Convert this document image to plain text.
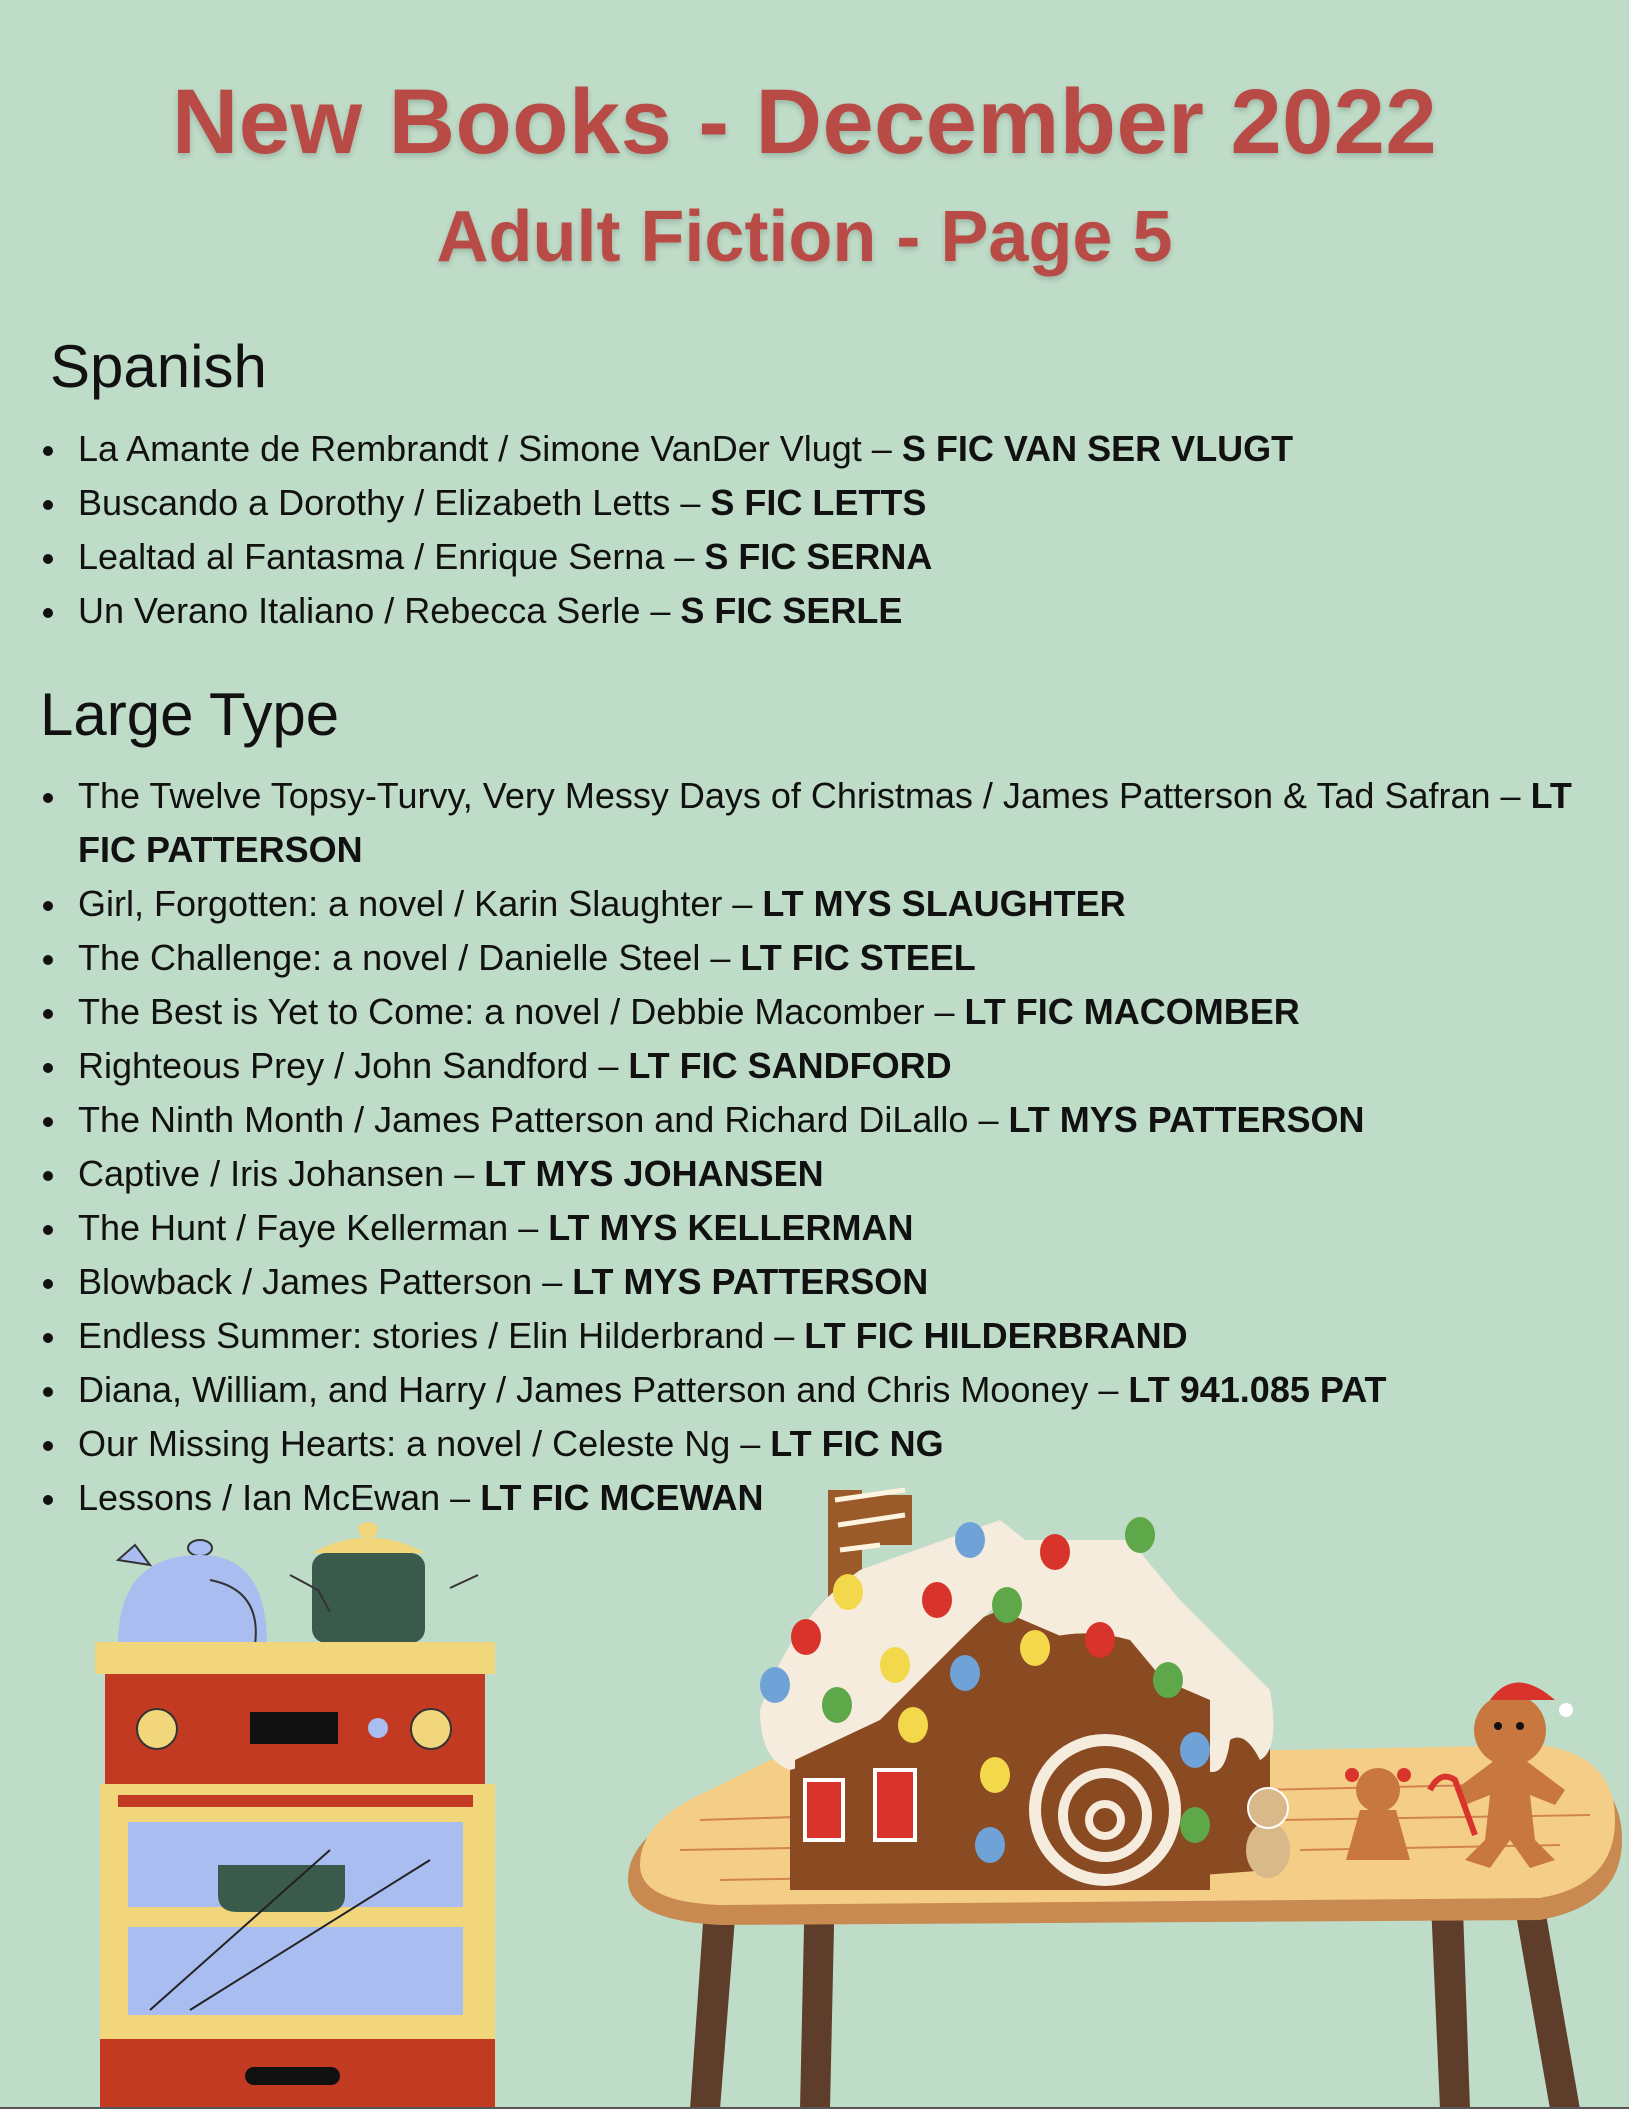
New Books - December 2022
Adult Fiction - Page 5
Spanish
La Amante de Rembrandt / Simone VanDer Vlugt – S FIC VAN SER VLUGT
Buscando a Dorothy / Elizabeth Letts – S FIC LETTS
Lealtad al Fantasma / Enrique Serna – S FIC SERNA
Un Verano Italiano / Rebecca Serle – S FIC SERLE
Large Type
The Twelve Topsy-Turvy, Very Messy Days of Christmas / James Patterson & Tad Safran – LT FIC PATTERSON
Girl, Forgotten: a novel / Karin Slaughter – LT MYS SLAUGHTER
The Challenge: a novel / Danielle Steel – LT FIC STEEL
The Best is Yet to Come: a novel / Debbie Macomber – LT FIC MACOMBER
Righteous Prey / John Sandford – LT FIC SANDFORD
The Ninth Month / James Patterson and Richard DiLallo – LT MYS PATTERSON
Captive / Iris Johansen – LT MYS JOHANSEN
The Hunt / Faye Kellerman – LT MYS KELLERMAN
Blowback / James Patterson – LT MYS PATTERSON
Endless Summer: stories / Elin Hilderbrand – LT FIC HILDERBRAND
Diana, William, and Harry / James Patterson and Chris Mooney – LT 941.085 PAT
Our Missing Hearts: a novel / Celeste Ng – LT FIC NG
Lessons / Ian McEwan – LT FIC MCEWAN
